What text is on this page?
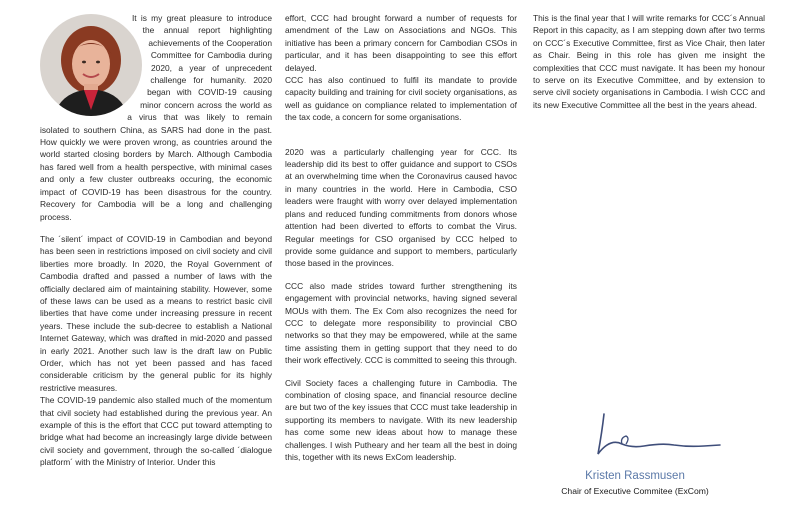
It is my great pleasure to introduce the annual report highlighting achievements of the Cooperation Committee for Cambodia during 2020, a year of unprecedent challenge for humanity. 2020 began with COVID-19 causing minor concern across the world as a virus that was likely to remain isolated to southern China, as SARS had done in the past. How quickly we were proven wrong, as countries around the world started closing borders by March. Although Cambodia has fared well from a health perspective, with minimal cases and only a few cluster outbreaks occuring, the economic impact of COVID-19 has been disastrous for the country. Recovery for Cambodia will be a long and challenging process.

The ´silent´ impact of COVID-19 in Cambodian and beyond has been seen in restrictions imposed on civil society and civil liberties more broadly. In 2020, the Royal Government of Cambodia drafted and passed a number of laws with the officially declared aim of maintaining stability. However, some of these laws can be used as a means to restrict basic civil liberties that have come under increasing pressure in recent years. These include the sub-decree to establish a National Internet Gateway, which was drafted in mid-2020 and passed in early 2021. Another such law is the draft law on Public Order, which has not yet been passed and has faced considerable criticism by the general public for its highly restrictive measures.

The COVID-19 pandemic also stalled much of the momentum that civil society had established during the previous year. An example of this is the effort that CCC put toward attempting to bridge what had become an increasingly large divide between civil society and government, through the so-called ´dialogue platform´ with the Ministry of Interior. Under this

effort, CCC had brought forward a number of requests for amendment of the Law on Associations and NGOs. This initiative has been a primary concern for Cambodian CSOs in particular, and it has been disappointing to see this effort delayed.

CCC has also continued to fulfil its mandate to provide capacity building and training for civil society organisations, as well as guidance on compliance related to implementation of the tax code, a concern for some organisations.

2020 was a particularly challenging year for CCC. Its leadership did its best to offer guidance and support to CSOs at an overwhelming time when the Coronavirus caused havoc in many countries in the world. Here in Cambodia, CSO leaders were fraught with worry over delayed implementation plans and reduced funding commitments from donors whose attention had been diverted to efforts to combat the Virus. Regular meetings for CSO organised by CCC helped to provide some guidance and support to members, particularly those based in the provinces.

CCC also made strides toward further strengthening its engagement with provincial networks, having signed several MOUs with them. The Ex Com also recognizes the need for CCC to delegate more responsibility to provincial CBO networks so that they may be empowered, while at the same time assisting them in getting support that they need to do their work effectively. CCC is committed to seeing this through.

Civil Society faces a challenging future in Cambodia. The combination of closing space, and financial resource decline are but two of the key issues that CCC must take leadership in supporting its members to navigate. With its new leadership has come some new ideas about how to manage these challenges. I wish Putheary and her team all the best in doing this, together with its news ExCom leadership.

This is the final year that I will write remarks for CCC´s Annual Report in this capacity, as I am stepping down after two terms on CCC´s Executive Committee, first as Vice Chair, then later as Chair. Being in this role has given me insight the complexities that CCC must navigate. It has been my honour to serve on its Executive Committee, and by extension to serve civil society organisations in Cambodia. I wish CCC and its new Executive Committee all the best in the years ahead.

Kristen Rassmusen
Chair of Executive Commitee (ExCom)
